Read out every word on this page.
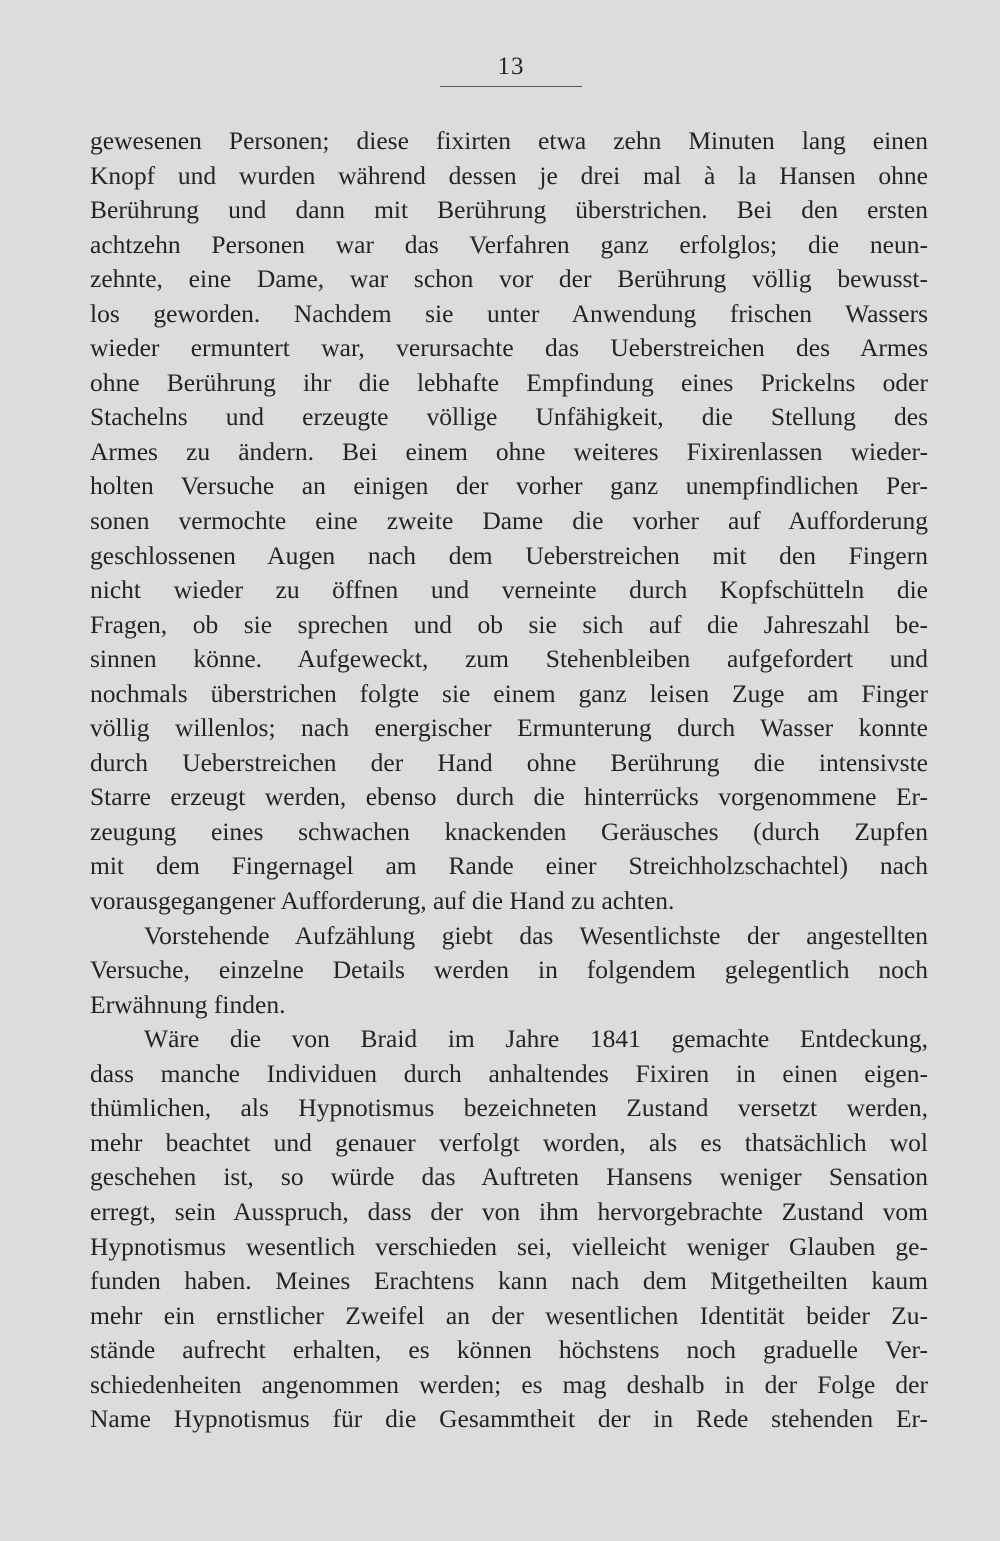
13
gewesenen Personen; diese fixirten etwa zehn Minuten lang einen
Knopf und wurden während dessen je drei mal à la Hansen ohne
Berührung und dann mit Berührung überstrichen. Bei den ersten
achtzehn Personen war das Verfahren ganz erfolglos; die neun-
zehnte, eine Dame, war schon vor der Berührung völlig bewusst-
los geworden. Nachdem sie unter Anwendung frischen Wassers
wieder ermuntert war, verursachte das Ueberstreichen des Armes
ohne Berührung ihr die lebhafte Empfindung eines Prickelns oder
Stachelns und erzeugte völlige Unfähigkeit, die Stellung des
Armes zu ändern. Bei einem ohne weiteres Fixirenlassen wieder-
holten Versuche an einigen der vorher ganz unempfindlichen Per-
sonen vermochte eine zweite Dame die vorher auf Aufforderung
geschlossenen Augen nach dem Ueberstreichen mit den Fingern
nicht wieder zu öffnen und verneinte durch Kopfschütteln die
Fragen, ob sie sprechen und ob sie sich auf die Jahreszahl be-
sinnen könne. Aufgeweckt, zum Stehenbleiben aufgefordert und
nochmals überstrichen folgte sie einem ganz leisen Zuge am Finger
völlig willenlos; nach energischer Ermunterung durch Wasser konnte
durch Ueberstreichen der Hand ohne Berührung die intensivste
Starre erzeugt werden, ebenso durch die hinterrücks vorgenommene Er-
zeugung eines schwachen knackenden Geräusches (durch Zupfen
mit dem Fingernagel am Rande einer Streichholzschachtel) nach
vorausgegangener Aufforderung, auf die Hand zu achten.
Vorstehende Aufzählung giebt das Wesentlichste der angestellten
Versuche, einzelne Details werden in folgendem gelegentlich noch
Erwähnung finden.
Wäre die von Braid im Jahre 1841 gemachte Entdeckung,
dass manche Individuen durch anhaltendes Fixiren in einen eigen-
thümlichen, als Hypnotismus bezeichneten Zustand versetzt werden,
mehr beachtet und genauer verfolgt worden, als es thatsächlich wol
geschehen ist, so würde das Auftreten Hansens weniger Sensation
erregt, sein Ausspruch, dass der von ihm hervorgebrachte Zustand vom
Hypnotismus wesentlich verschieden sei, vielleicht weniger Glauben ge-
funden haben. Meines Erachtens kann nach dem Mitgetheilten kaum
mehr ein ernstlicher Zweifel an der wesentlichen Identität beider Zu-
stände aufrecht erhalten, es können höchstens noch graduelle Ver-
schiedenheiten angenommen werden; es mag deshalb in der Folge der
Name Hypnotismus für die Gesammtheit der in Rede stehenden Er-
